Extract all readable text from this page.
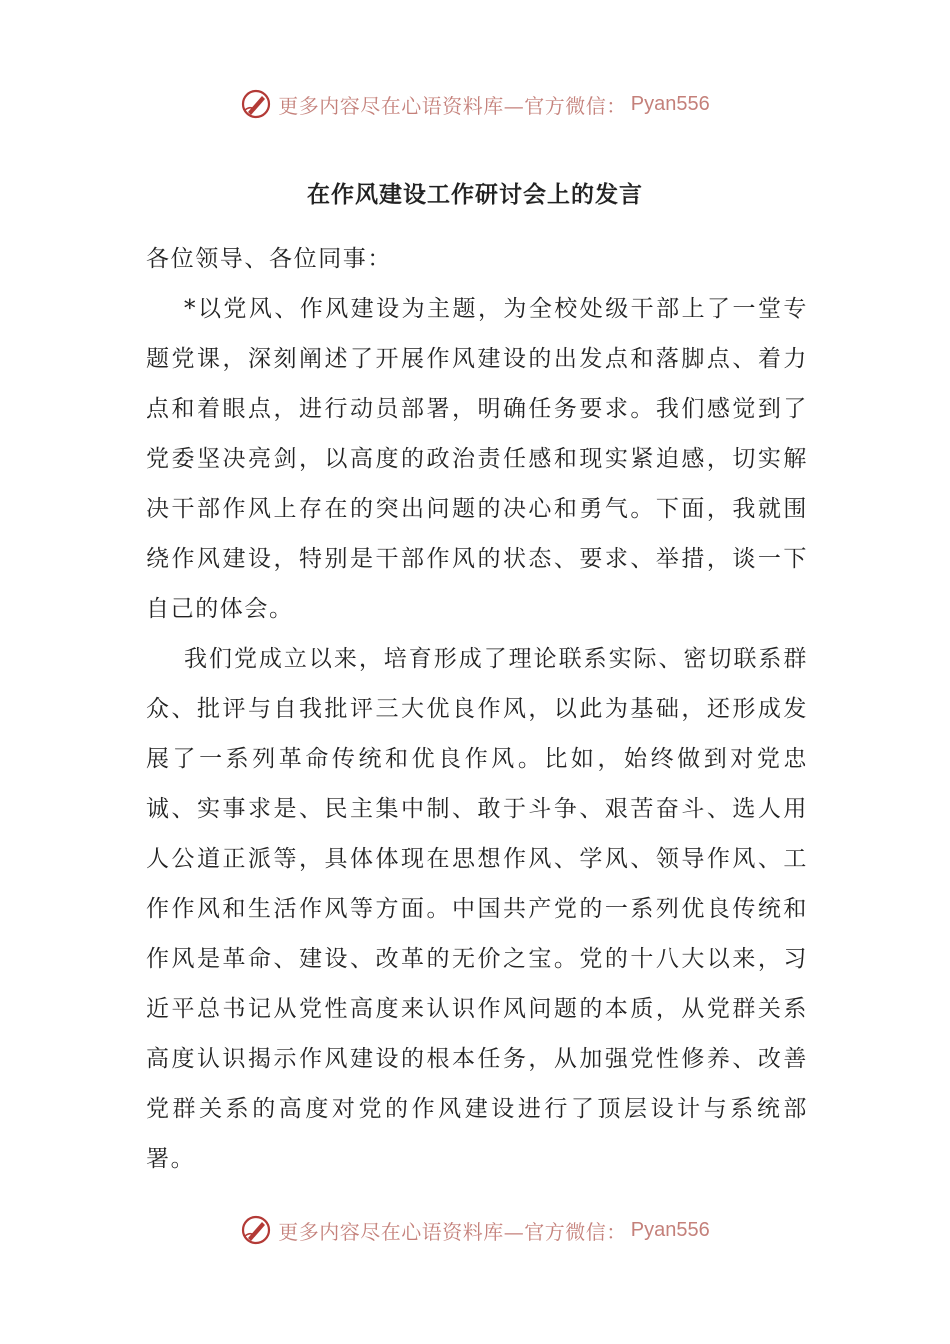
更多内容尽在心语资料库—官方微信： Pyan556
在作风建设工作研讨会上的发言

各位领导、各位同事：

*以党风、作风建设为主题，为全校处级干部上了一堂专题党课，深刻阐述了开展作风建设的出发点和落脚点、着力点和着眼点，进行动员部署，明确任务要求。我们感觉到了党委坚决亮剑，以高度的政治责任感和现实紧迫感，切实解决干部作风上存在的突出问题的决心和勇气。下面，我就围绕作风建设，特别是干部作风的状态、要求、举措，谈一下自己的体会。

我们党成立以来，培育形成了理论联系实际、密切联系群众、批评与自我批评三大优良作风，以此为基础，还形成发展了一系列革命传统和优良作风。比如，始终做到对党忠诚、实事求是、民主集中制、敢于斗争、艰苦奋斗、选人用人公道正派等，具体体现在思想作风、学风、领导作风、工作作风和生活作风等方面。中国共产党的一系列优良传统和作风是革命、建设、改革的无价之宝。党的十八大以来，习近平总书记从党性高度来认识作风问题的本质，从党群关系高度认识揭示作风建设的根本任务，从加强党性修养、改善党群关系的高度对党的作风建设进行了顶层设计与系统部署。

更多内容尽在心语资料库—官方微信： Pyan556
